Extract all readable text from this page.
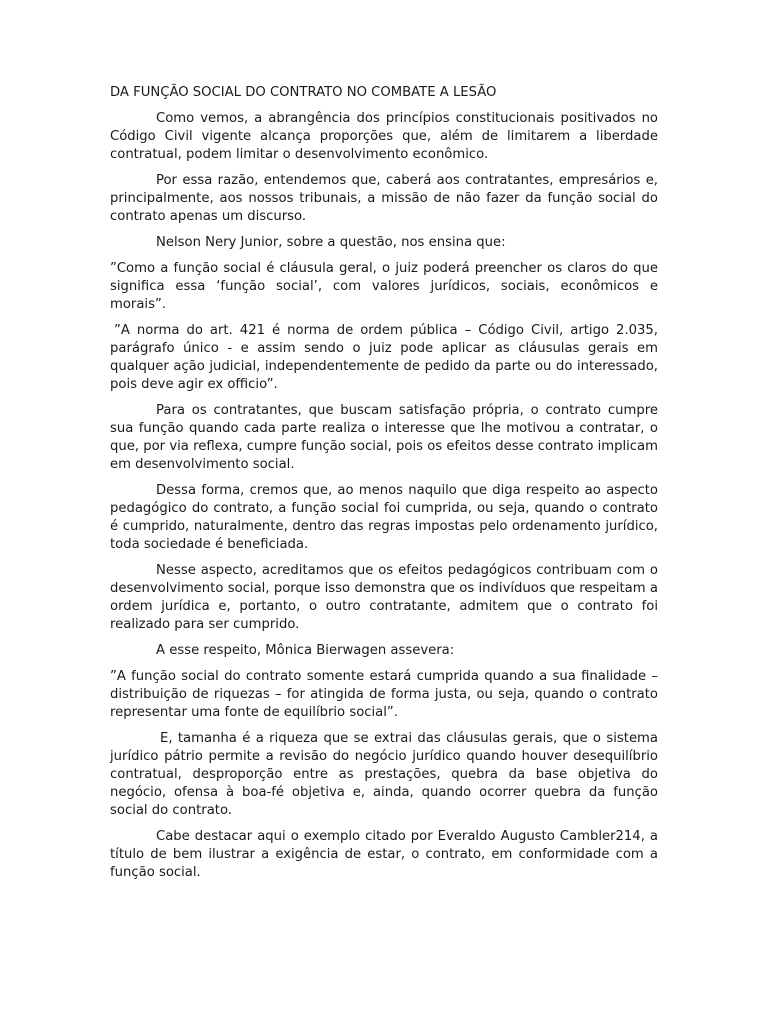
DA FUNÇÃO SOCIAL DO CONTRATO NO COMBATE A LESÃO

Como vemos, a abrangência dos princípios constitucionais positivados no Código Civil vigente alcança proporções que, além de limitarem a liberdade contratual, podem limitar o desenvolvimento econômico.

Por essa razão, entendemos que, caberá aos contratantes, empresários e, principalmente, aos nossos tribunais, a missão de não fazer da função social do contrato apenas um discurso.

Nelson Nery Junior, sobre a questão, nos ensina que:

”Como a função social é cláusula geral, o juiz poderá preencher os claros do que significa essa ‘função social’, com valores jurídicos, sociais, econômicos e morais”.

”A norma do art. 421 é norma de ordem pública – Código Civil, artigo 2.035, parágrafo único - e assim sendo o juiz pode aplicar as cláusulas gerais em qualquer ação judicial, independentemente de pedido da parte ou do interessado, pois deve agir ex officio”.

Para os contratantes, que buscam satisfação própria, o contrato cumpre sua função quando cada parte realiza o interesse que lhe motivou a contratar, o que, por via reflexa, cumpre função social, pois os efeitos desse contrato implicam em desenvolvimento social.

Dessa forma, cremos que, ao menos naquilo que diga respeito ao aspecto pedagógico do contrato, a função social foi cumprida, ou seja, quando o contrato é cumprido, naturalmente, dentro das regras impostas pelo ordenamento jurídico, toda sociedade é beneficiada.

Nesse aspecto, acreditamos que os efeitos pedagógicos contribuam com o desenvolvimento social, porque isso demonstra que os indivíduos que respeitam a ordem jurídica e, portanto, o outro contratante, admitem que o contrato foi realizado para ser cumprido.

A esse respeito, Mônica Bierwagen assevera:

”A função social do contrato somente estará cumprida quando a sua finalidade – distribuição de riquezas – for atingida de forma justa, ou seja, quando o contrato representar uma fonte de equilíbrio social”.

E, tamanha é a riqueza que se extrai das cláusulas gerais, que o sistema jurídico pátrio permite a revisão do negócio jurídico quando houver desequilíbrio contratual, desproporção entre as prestações, quebra da base objetiva do negócio, ofensa à boa-fé objetiva e, ainda, quando ocorrer quebra da função social do contrato.

Cabe destacar aqui o exemplo citado por Everaldo Augusto Cambler214, a título de bem ilustrar a exigência de estar, o contrato, em conformidade com a função social.
